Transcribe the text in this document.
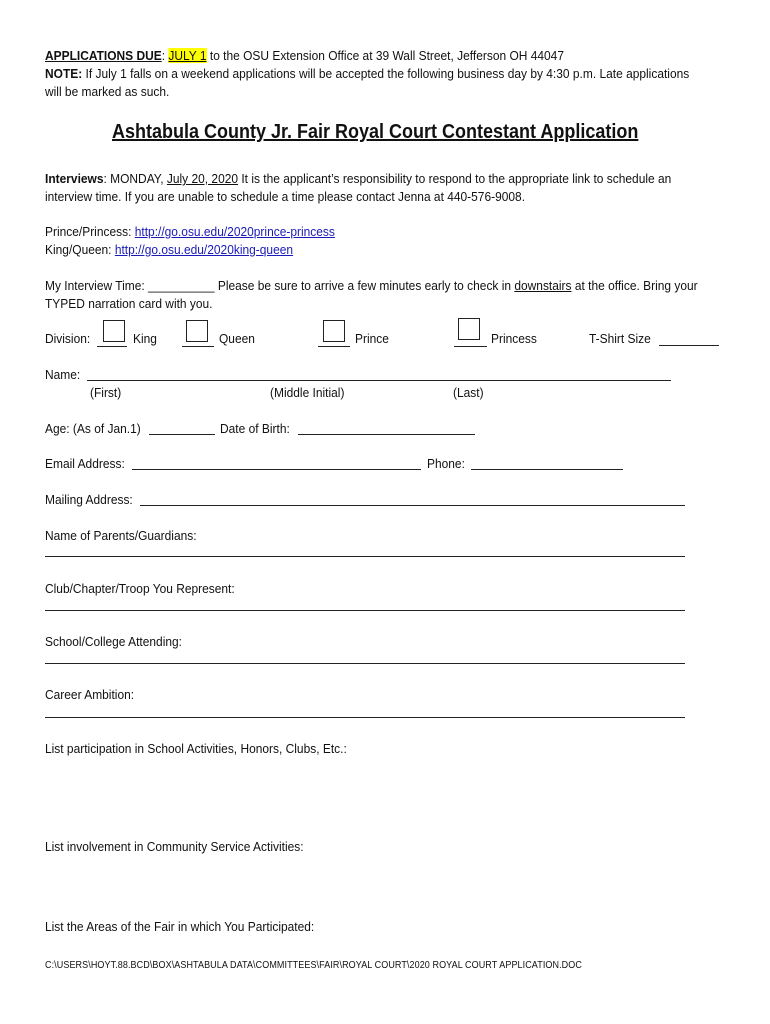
APPLICATIONS DUE: JULY 1 to the OSU Extension Office at 39 Wall Street, Jefferson OH 44047
NOTE: If July 1 falls on a weekend applications will be accepted the following business day by 4:30 p.m. Late applications
will be marked as such.
Ashtabula County Jr. Fair Royal Court Contestant Application
Interviews: MONDAY, July 20, 2020 It is the applicant’s responsibility to respond to the appropriate link to schedule an
interview time. If you are unable to schedule a time please contact Jenna at 440-576-9008.
Prince/Princess: http://go.osu.edu/2020prince-princess
King/Queen: http://go.osu.edu/2020king-queen
My Interview Time: __________ Please be sure to arrive a few minutes early to check in downstairs at the office. Bring your
TYPED narration card with you.
Division:	King	Queen	Prince	Princess	T-Shirt Size
Name:
(First)	(Middle Initial)	(Last)
Age: (As of Jan.1)	Date of Birth:
Email Address:	Phone:
Mailing Address:
Name of Parents/Guardians:
Club/Chapter/Troop You Represent:
School/College Attending:
Career Ambition:
List participation in School Activities, Honors, Clubs, Etc.:
List involvement in Community Service Activities:
List the Areas of the Fair in which You Participated:
C:\USERS\HOYT.88.BCD\BOX\ASHTABULA DATA\COMMITTEES\FAIR\ROYAL COURT\2020 ROYAL COURT APPLICATION.DOC
